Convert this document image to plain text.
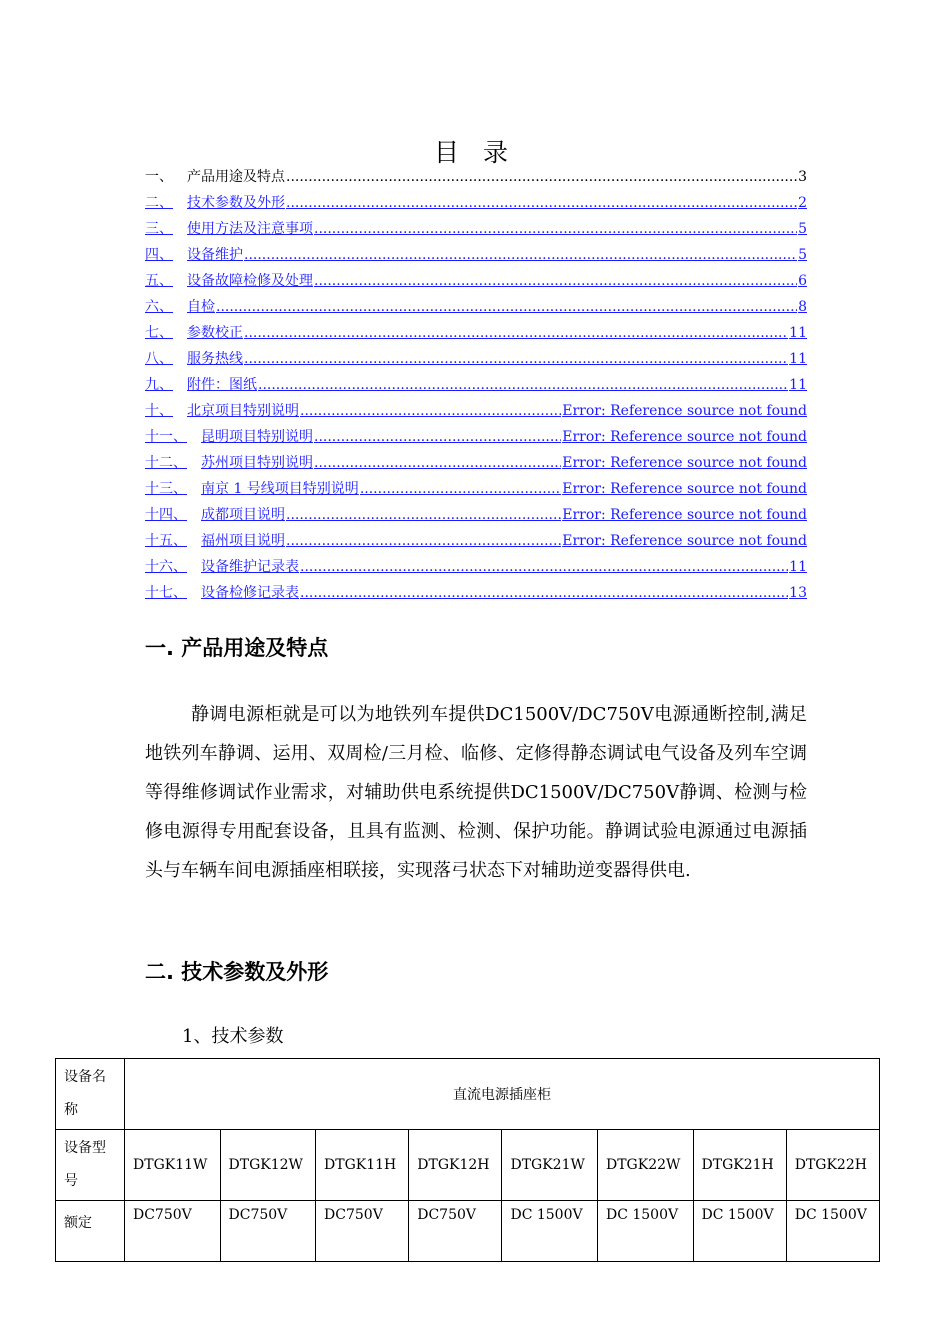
目 录
一、 产品用途及特点 .....	3
二、 技术参数及外形 .....	2
三、 使用方法及注意事项 .....	5
四、 设备维护 .....	5
五、 设备故障检修及处理 .....	6
六、 自检 .....	8
七、 参数校正 .....	11
八、 服务热线 .....	11
九、 附件：图纸 .....	11
十、 北京项目特别说明 .....	Error: Reference source not found
十一、 昆明项目特别说明 .....	Error: Reference source not found
十二、 苏州项目特别说明 .....	Error: Reference source not found
十三、 南京 1 号线项目特别说明 .....	Error: Reference source not found
十四、 成都项目说明 .....	Error: Reference source not found
十五、 福州项目说明 .....	Error: Reference source not found
十六、 设备维护记录表 .....	11
十七、 设备检修记录表 .....	13
一. 产品用途及特点
静调电源柜就是可以为地铁列车提供DC1500V/DC750V电源通断控制,满足地铁列车静调、运用、双周检/三月检、临修、定修得静态调试电气设备及列车空调等得维修调试作业需求，对辅助供电系统提供DC1500V/DC750V静调、检测与检修电源得专用配套设备，且具有监测、检测、保护功能。静调试验电源通过电源插头与车辆车间电源插座相联接，实现落弓状态下对辅助逆变器得供电.
二. 技术参数及外形
1、技术参数
设备名称	直流电源插座柜							
设备型号	DTGK11W	DTGK12W	DTGK11H	DTGK12H	DTGK21W	DTGK22W	DTGK21H	DTGK22H
额定	DC750V	DC750V	DC750V	DC750V	DC 1500V	DC 1500V	DC 1500V	DC 1500V
